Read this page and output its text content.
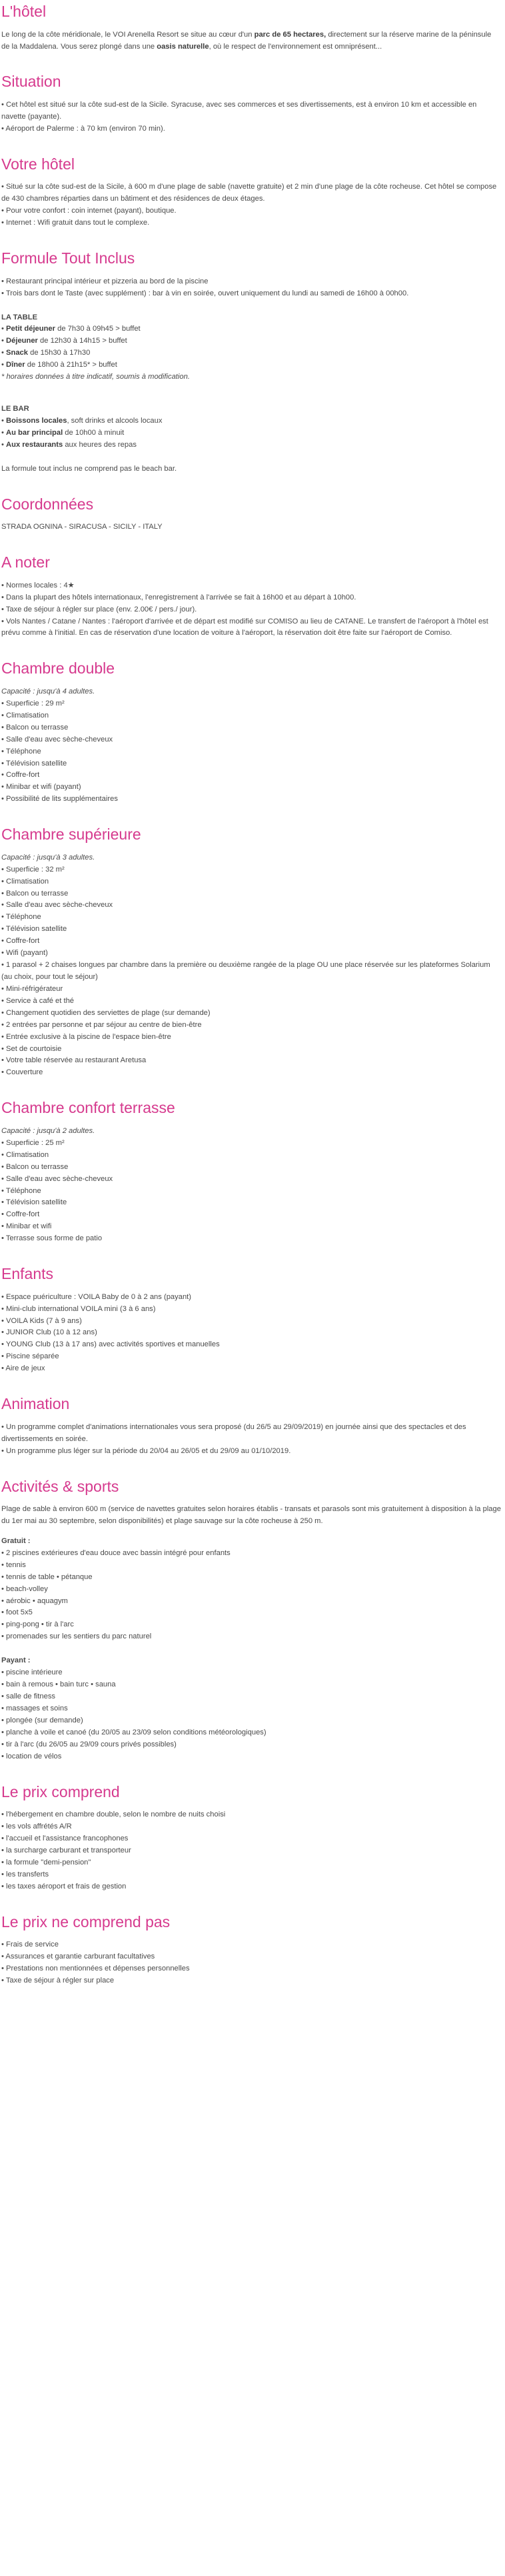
L'hôtel

Le long de la côte méridionale, le VOI Arenella Resort se situe au cœur d'un parc de 65 hectares, directement sur la réserve marine de la péninsule de la Maddalena. Vous serez plongé dans une oasis naturelle, où le respect de l'environnement est omniprésent...

Situation
• Cet hôtel est situé sur la côte sud-est de la Sicile. Syracuse, avec ses commerces et ses divertissements, est à environ 10 km et accessible en navette (payante).
• Aéroport de Palerme : à 70 km (environ 70 min).
Votre hôtel
• Situé sur la côte sud-est de la Sicile, à 600 m d'une plage de sable (navette gratuite) et 2 min d'une plage de la côte rocheuse. Cet hôtel se compose de 430 chambres réparties dans un bâtiment et des résidences de deux étages.
• Pour votre confort : coin internet (payant), boutique.
• Internet : Wifi gratuit dans tout le complexe.
Formule Tout Inclus
• Restaurant principal intérieur et pizzeria au bord de la piscine
• Trois bars dont le Taste (avec supplément) : bar à vin en soirée, ouvert uniquement du lundi au samedi de 16h00 à 00h00.

LA TABLE

• Petit déjeuner de 7h30 à 09h45 > buffet
• Déjeuner de 12h30 à 14h15 > buffet
• Snack de 15h30 à 17h30
• Dîner de 18h00 à 21h15* > buffet

* horaires données à titre indicatif, soumis à modification.

LE BAR

• Boissons locales, soft drinks et alcools locaux
• Au bar principal de 10h00 à minuit
• Aux restaurants aux heures des repas

La formule tout inclus ne comprend pas le beach bar.

Coordonnées

STRADA OGNINA - SIRACUSA - SICILY - ITALY

A noter
• Normes locales : 4★
• Dans la plupart des hôtels internationaux, l'enregistrement à l'arrivée se fait à 16h00 et au départ à 10h00.
• Taxe de séjour à régler sur place (env. 2.00€ / pers./ jour).
• Vols Nantes / Catane / Nantes : l'aéroport d'arrivée et de départ est modifié sur COMISO au lieu de CATANE. Le transfert de l'aéroport à l'hôtel est prévu comme à l'initial. En cas de réservation d'une location de voiture à l'aéroport, la réservation doit être faite sur l'aéroport de Comiso.
Chambre double

Capacité : jusqu'à 4 adultes.

• Superficie : 29 m²
• Climatisation
• Balcon ou terrasse
• Salle d'eau avec sèche-cheveux
• Téléphone
• Télévision satellite
• Coffre-fort
• Minibar et wifi (payant)
• Possibilité de lits supplémentaires
Chambre supérieure

Capacité : jusqu'à 3 adultes.

• Superficie : 32 m²
• Climatisation
• Balcon ou terrasse
• Salle d'eau avec sèche-cheveux
• Téléphone
• Télévision satellite
• Coffre-fort
• Wifi (payant)
• 1 parasol + 2 chaises longues par chambre dans la première ou deuxième rangée de la plage OU une place réservée sur les plateformes Solarium (au choix, pour tout le séjour)
• Mini-réfrigérateur
• Service à café et thé
• Changement quotidien des serviettes de plage (sur demande)
• 2 entrées par personne et par séjour au centre de bien-être
• Entrée exclusive à la piscine de l'espace bien-être
• Set de courtoisie
• Votre table réservée au restaurant Aretusa
• Couverture
Chambre confort terrasse

Capacité : jusqu'à 2 adultes.

• Superficie : 25 m²
• Climatisation
• Balcon ou terrasse
• Salle d'eau avec sèche-cheveux
• Téléphone
• Télévision satellite
• Coffre-fort
• Minibar et wifi
• Terrasse sous forme de patio
Enfants
• Espace puériculture : VOILA Baby de 0 à 2 ans (payant)
• Mini-club international VOILA mini (3 à 6 ans)
• VOILA Kids (7 à 9 ans)
• JUNIOR Club (10 à 12 ans)
• YOUNG Club (13 à 17 ans) avec activités sportives et manuelles
• Piscine séparée
• Aire de jeux
Animation
• Un programme complet d'animations internationales vous sera proposé (du 26/5 au 29/09/2019) en journée ainsi que des spectacles et des divertissements en soirée.
• Un programme plus léger sur la période du 20/04 au 26/05 et du 29/09 au 01/10/2019.
Activités & sports

Plage de sable à environ 600 m (service de navettes gratuites selon horaires établis - transats et parasols sont mis gratuitement à disposition à la plage du 1er mai au 30 septembre, selon disponibilités) et plage sauvage sur la côte rocheuse à 250 m.

Gratuit :

• 2 piscines extérieures d'eau douce avec bassin intégré pour enfants
• tennis
• tennis de table • pétanque
• beach-volley
• aérobic • aquagym
• foot 5x5
• ping-pong • tir à l'arc
• promenades sur les sentiers du parc naturel

Payant :

• piscine intérieure
• bain à remous • bain turc • sauna
• salle de fitness
• massages et soins
• plongée (sur demande)
• planche à voile et canoé (du 20/05 au 23/09 selon conditions météorologiques)
• tir à l'arc (du 26/05 au 29/09 cours privés possibles)
• location de vélos
Le prix comprend
• l'hébergement en chambre double, selon le nombre de nuits choisi
• les vols affrétés A/R
• l'accueil et l'assistance francophones
• la surcharge carburant et transporteur
• la formule "demi-pension"
• les transferts
• les taxes aéroport et frais de gestion
Le prix ne comprend pas
• Frais de service
• Assurances et garantie carburant facultatives
• Prestations non mentionnées et dépenses personnelles
• Taxe de séjour à régler sur place
